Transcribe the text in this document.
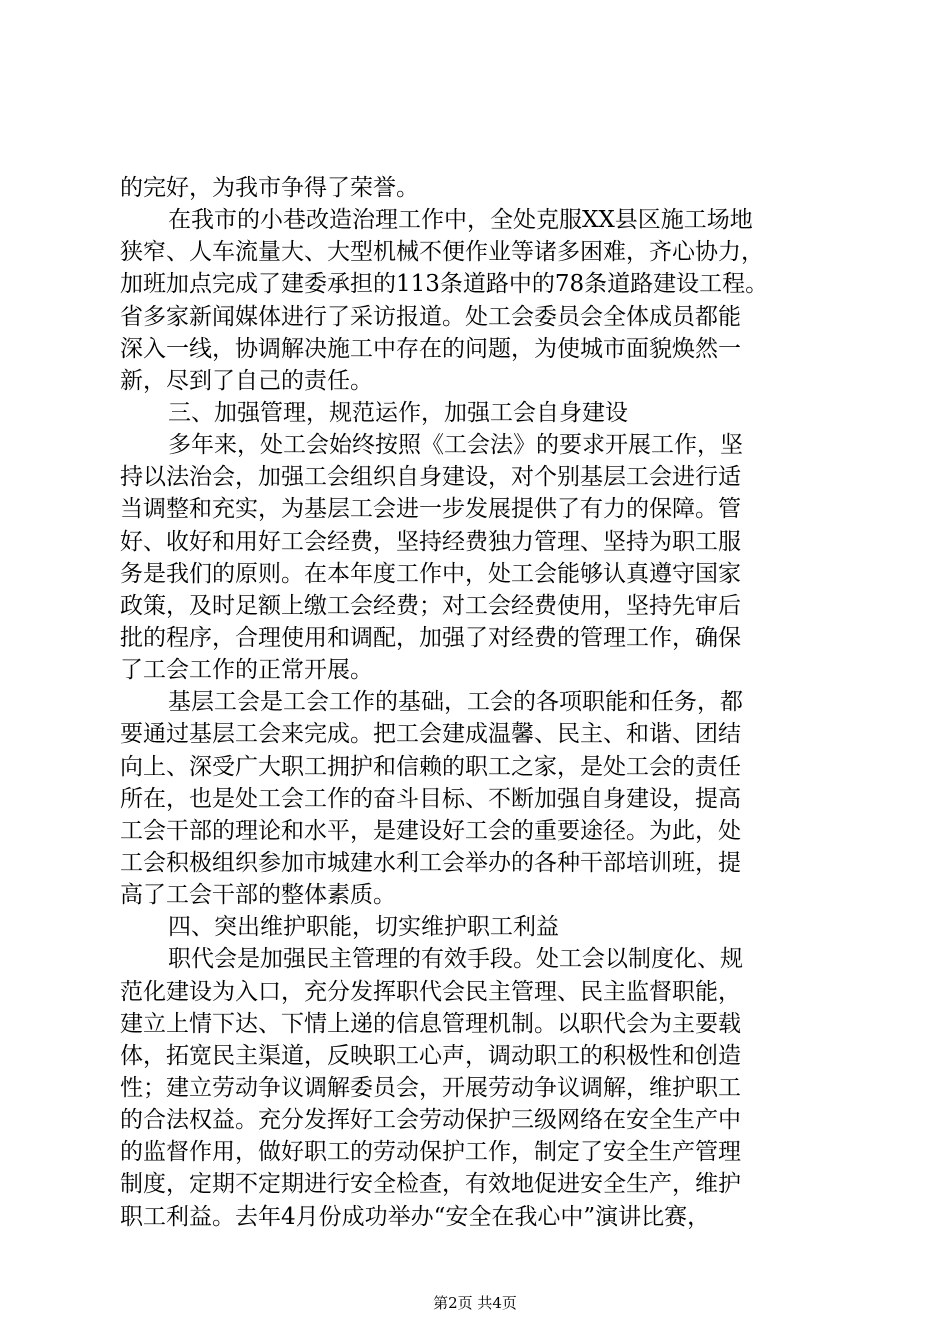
的完好，为我市争得了荣誉。
在我市的小巷改造治理工作中，全处克服XX县区施工场地
狭窄、人车流量大、大型机械不便作业等诸多困难，齐心协力，
加班加点完成了建委承担的113条道路中的78条道路建设工程。
省多家新闻媒体进行了采访报道。处工会委员会全体成员都能
深入一线，协调解决施工中存在的问题，为使城市面貌焕然一
新，尽到了自己的责任。
三、加强管理，规范运作，加强工会自身建设
多年来，处工会始终按照《工会法》的要求开展工作，坚
持以法治会，加强工会组织自身建设，对个别基层工会进行适
当调整和充实，为基层工会进一步发展提供了有力的保障。管
好、收好和用好工会经费，坚持经费独力管理、坚持为职工服
务是我们的原则。在本年度工作中，处工会能够认真遵守国家
政策，及时足额上缴工会经费；对工会经费使用，坚持先审后
批的程序，合理使用和调配，加强了对经费的管理工作，确保
了工会工作的正常开展。
基层工会是工会工作的基础，工会的各项职能和任务，都
要通过基层工会来完成。把工会建成温馨、民主、和谐、团结
向上、深受广大职工拥护和信赖的职工之家，是处工会的责任
所在，也是处工会工作的奋斗目标、不断加强自身建设，提高
工会干部的理论和水平，是建设好工会的重要途径。为此，处
工会积极组织参加市城建水利工会举办的各种干部培训班，提
高了工会干部的整体素质。
四、突出维护职能，切实维护职工利益
职代会是加强民主管理的有效手段。处工会以制度化、规
范化建设为入口，充分发挥职代会民主管理、民主监督职能，
建立上情下达、下情上递的信息管理机制。以职代会为主要载
体，拓宽民主渠道，反映职工心声，调动职工的积极性和创造
性；建立劳动争议调解委员会，开展劳动争议调解，维护职工
的合法权益。充分发挥好工会劳动保护三级网络在安全生产中
的监督作用，做好职工的劳动保护工作，制定了安全生产管理
制度，定期不定期进行安全检查，有效地促进安全生产，维护
职工利益。去年4月份成功举办“安全在我心中”演讲比赛，
第2页 共4页
